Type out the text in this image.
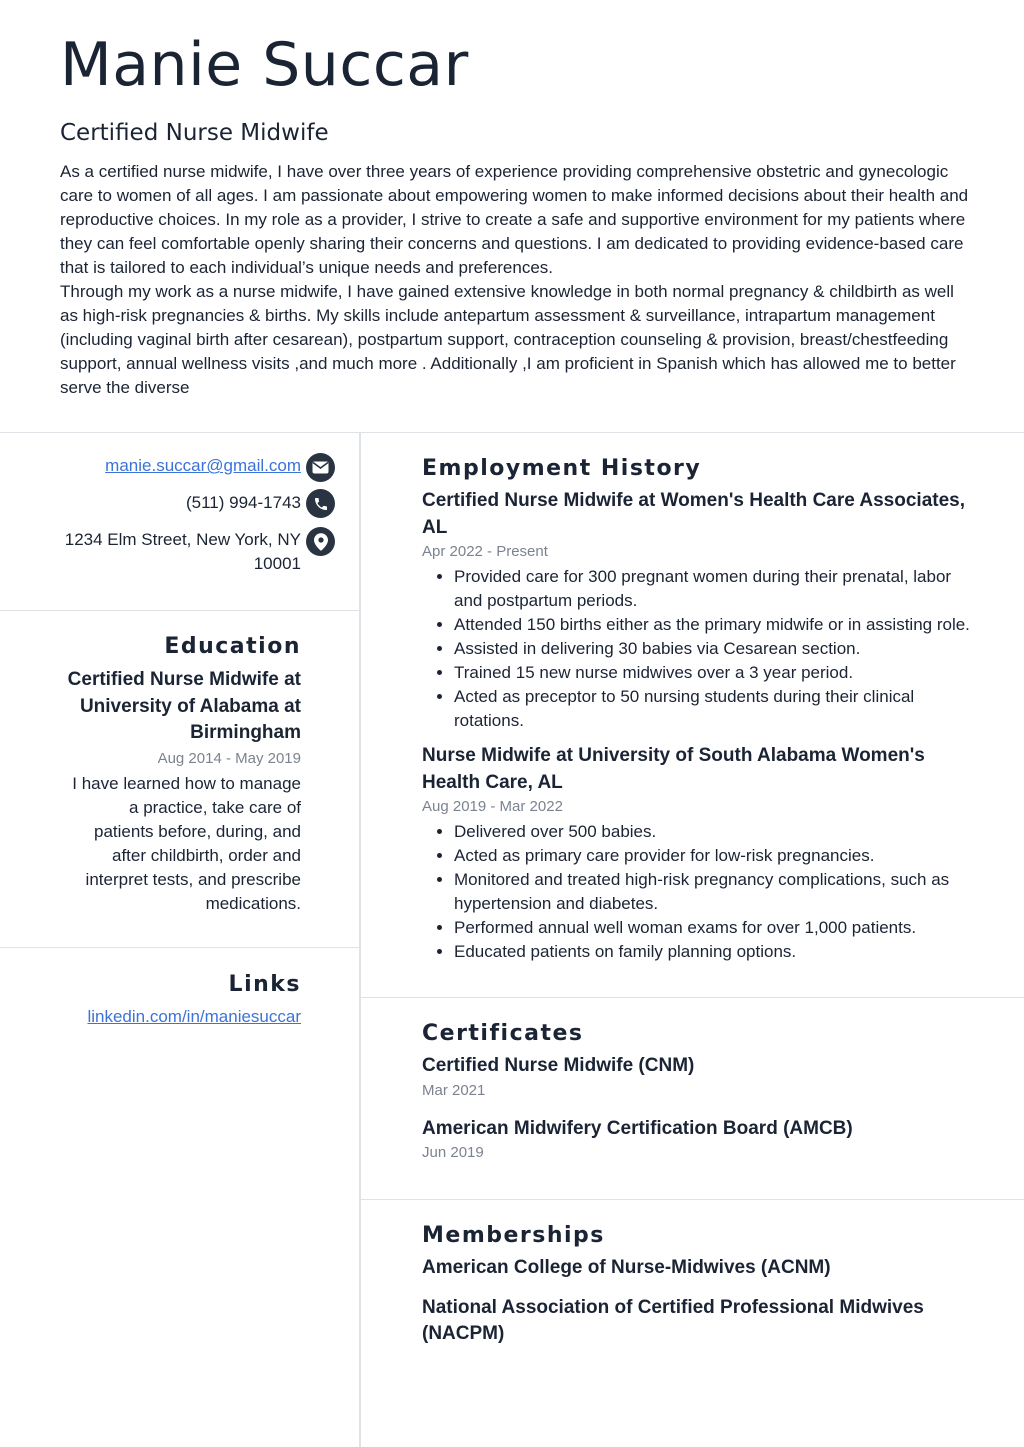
Manie Succar
Certified Nurse Midwife

As a certified nurse midwife, I have over three years of experience providing comprehensive obstetric and gynecologic care to women of all ages. I am passionate about empowering women to make informed decisions about their health and reproductive choices. In my role as a provider, I strive to create a safe and supportive environment for my patients where they can feel comfortable openly sharing their concerns and questions. I am dedicated to providing evidence-based care that is tailored to each individual’s unique needs and preferences.

Through my work as a nurse midwife, I have gained extensive knowledge in both normal pregnancy & childbirth as well as high-risk pregnancies & births. My skills include antepartum assessment & surveillance, intrapartum management (including vaginal birth after cesarean), postpartum support, contraception counseling & provision, breast/chestfeeding support, annual wellness visits ,and much more . Additionally ,I am proficient in Spanish which has allowed me to better serve the diverse

manie.succar@gmail.com
(511) 994-1743
1234 Elm Street, New York, NY
10001
Education
Certified Nurse Midwife at
University of Alabama at
Birmingham
Aug 2014 - May 2019
I have learned how to manage
a practice, take care of
patients before, during, and
after childbirth, order and
interpret tests, and prescribe
medications.
Links
linkedin.com/in/maniesuccar
Employment History
Certified Nurse Midwife at Women's Health Care Associates, AL
Apr 2022 - Present
• Provided care for 300 pregnant women during their prenatal, labor and postpartum periods.
• Attended 150 births either as the primary midwife or in assisting role.
• Assisted in delivering 30 babies via Cesarean section.
• Trained 15 new nurse midwives over a 3 year period.
• Acted as preceptor to 50 nursing students during their clinical rotations.
Nurse Midwife at University of South Alabama Women's Health Care, AL
Aug 2019 - Mar 2022
• Delivered over 500 babies.
• Acted as primary care provider for low-risk pregnancies.
• Monitored and treated high-risk pregnancy complications, such as hypertension and diabetes.
• Performed annual well woman exams for over 1,000 patients.
• Educated patients on family planning options.
Certificates
Certified Nurse Midwife (CNM)
Mar 2021
American Midwifery Certification Board (AMCB)
Jun 2019
Memberships
American College of Nurse-Midwives (ACNM)
National Association of Certified Professional Midwives (NACPM)
